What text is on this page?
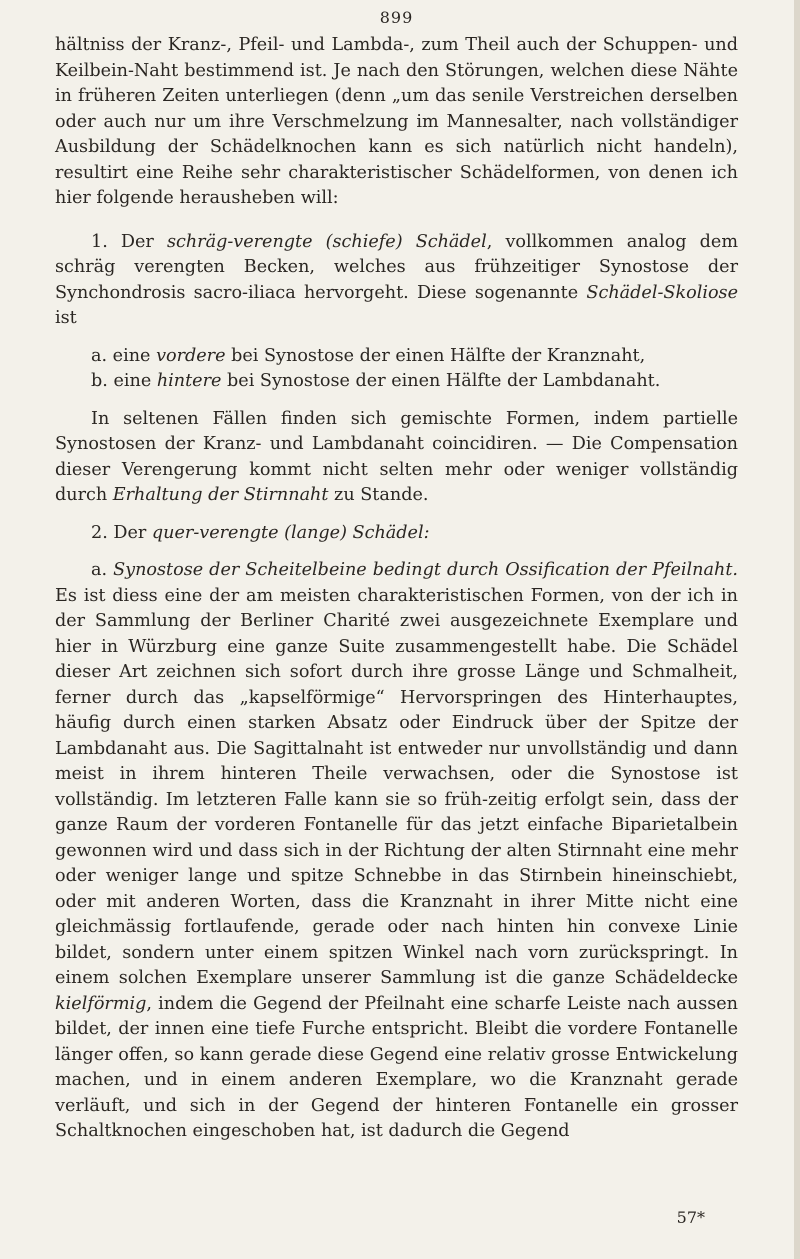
899

hältniss der Kranz-, Pfeil- und Lambda-, zum Theil auch der Schuppen- und Keilbein-Naht bestimmend ist. Je nach den Störungen, welchen diese Nähte in früheren Zeiten unterliegen (denn „um das senile Verstreichen derselben oder auch nur um ihre Verschmelzung im Mannesalter, nach vollständiger Ausbildung der Schädelknochen kann es sich natürlich nicht handeln), resultirt eine Reihe sehr charakteristischer Schädelformen, von denen ich hier folgende herausheben will:

1. Der schräg-verengte (schiefe) Schädel, vollkommen analog dem schräg verengten Becken, welches aus frühzeitiger Synostose der Synchondrosis sacro-iliaca hervorgeht. Diese sogenannte Schädel-Skoliose ist

a. eine vordere bei Synostose der einen Hälfte der Kranznaht,

b. eine hintere bei Synostose der einen Hälfte der Lambdanaht.

In seltenen Fällen finden sich gemischte Formen, indem partielle Synostosen der Kranz- und Lambdanaht coincidiren. — Die Compensation dieser Verengerung kommt nicht selten mehr oder weniger vollständig durch Erhaltung der Stirnnaht zu Stande.

2. Der quer-verengte (lange) Schädel:

a. Synostose der Scheitelbeine bedingt durch Ossification der Pfeilnaht. Es ist diess eine der am meisten charakteristischen Formen, von der ich in der Sammlung der Berliner Charité zwei ausgezeichnete Exemplare und hier in Würzburg eine ganze Suite zusammengestellt habe. Die Schädel dieser Art zeichnen sich sofort durch ihre grosse Länge und Schmalheit, ferner durch das „kapselförmige“ Hervorspringen des Hinterhauptes, häufig durch einen starken Absatz oder Eindruck über der Spitze der Lambdanaht aus. Die Sagittalnaht ist entweder nur unvollständig und dann meist in ihrem hinteren Theile verwachsen, oder die Synostose ist vollständig. Im letzteren Falle kann sie so früh-zeitig erfolgt sein, dass der ganze Raum der vorderen Fontanelle für das jetzt einfache Biparietalbein gewonnen wird und dass sich in der Richtung der alten Stirnnaht eine mehr oder weniger lange und spitze Schnebbe in das Stirnbein hineinschiebt, oder mit anderen Worten, dass die Kranznaht in ihrer Mitte nicht eine gleichmässig fortlaufende, gerade oder nach hinten hin convexe Linie bildet, sondern unter einem spitzen Winkel nach vorn zurückspringt. In einem solchen Exemplare unserer Sammlung ist die ganze Schädeldecke kielförmig, indem die Gegend der Pfeilnaht eine scharfe Leiste nach aussen bildet, der innen eine tiefe Furche entspricht. Bleibt die vordere Fontanelle länger offen, so kann gerade diese Gegend eine relativ grosse Entwickelung machen, und in einem anderen Exemplare, wo die Kranznaht gerade verläuft, und sich in der Gegend der hinteren Fontanelle ein grosser Schaltknochen eingeschoben hat, ist dadurch die Gegend

57*
